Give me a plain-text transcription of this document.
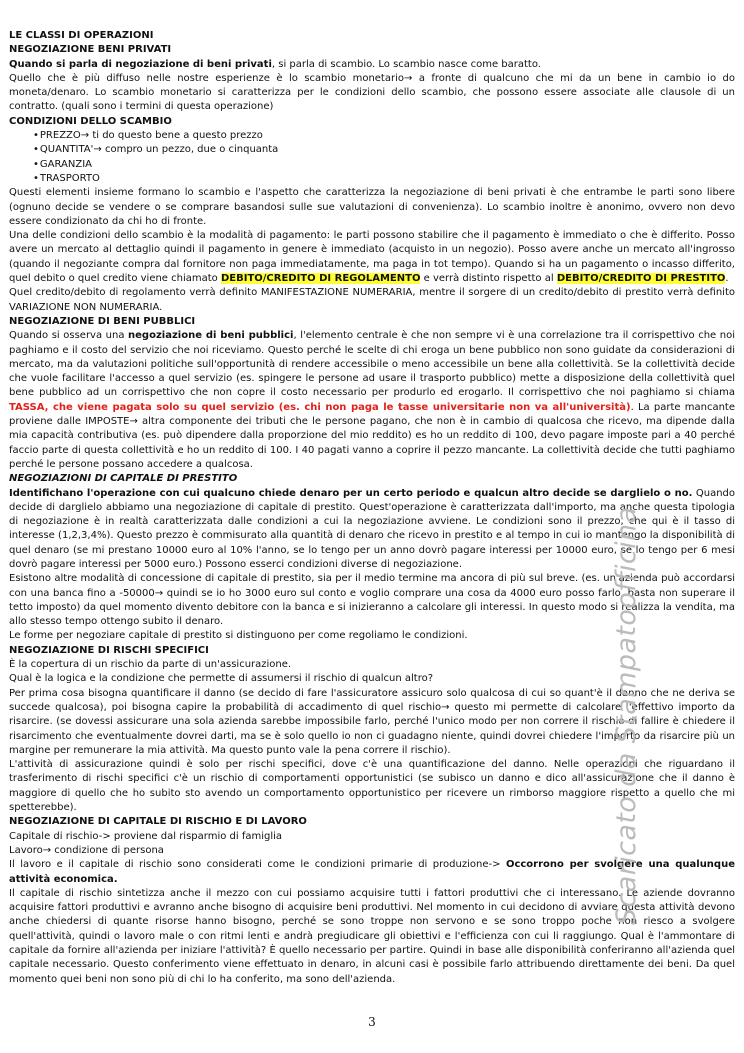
LE CLASSI DI OPERAZIONI

NEGOZIAZIONE BENI PRIVATI

Quando si parla di negoziazione di beni privati, si parla di scambio. Lo scambio nasce come baratto.

Quello che è più diffuso nelle nostre esperienze è lo scambio monetario→ a fronte di qualcuno che mi da un bene in cambio io do moneta/denaro. Lo scambio monetario si caratterizza per le condizioni dello scambio, che possono essere associate alle clausole di un contratto. (quali sono i termini di questa operazione)

CONDIZIONI DELLO SCAMBIO

• PREZZO→ ti do questo bene a questo prezzo
• QUANTITA'→ compro un pezzo, due o cinquanta
• GARANZIA
• TRASPORTO

Questi elementi insieme formano lo scambio e l'aspetto che caratterizza la negoziazione di beni privati è che entrambe le parti sono libere (ognuno decide se vendere o se comprare basandosi sulle sue valutazioni di convenienza). Lo scambio inoltre è anonimo, ovvero non devo essere condizionato da chi ho di fronte.

Una delle condizioni dello scambio è la modalità di pagamento: le parti possono stabilire che il pagamento è immediato o che è differito. Posso avere un mercato al dettaglio quindi il pagamento in genere è immediato (acquisto in un negozio). Posso avere anche un mercato all'ingrosso (quando il negoziante compra dal fornitore non paga immediatamente, ma paga in tot tempo). Quando si ha un pagamento o incasso differito, quel debito o quel credito viene chiamato DEBITO/CREDITO DI REGOLAMENTO e verrà distinto rispetto al DEBITO/CREDITO DI PRESTITO.

Quel credito/debito di regolamento verrà definito MANIFESTAZIONE NUMERARIA, mentre il sorgere di un credito/debito di prestito verrà definito VARIAZIONE NON NUMERARIA.

NEGOZIAZIONE DI BENI PUBBLICI

Quando si osserva una negoziazione di beni pubblici, l'elemento centrale è che non sempre vi è una correlazione tra il corrispettivo che noi paghiamo e il costo del servizio che noi riceviamo. Questo perché le scelte di chi eroga un bene pubblico non sono guidate da considerazioni di mercato, ma da valutazioni politiche sull'opportunità di rendere accessibile o meno accessibile un bene alla collettività. Se la collettività decide che vuole facilitare l'accesso a quel servizio (es. spingere le persone ad usare il trasporto pubblico) mette a disposizione della collettività quel bene pubblico ad un corrispettivo che non copre il costo necessario per produrlo ed erogarlo. Il corrispettivo che noi paghiamo si chiama TASSA, che viene pagata solo su quel servizio (es. chi non paga le tasse universitarie non va all'università). La parte mancante proviene dalle IMPOSTE→ altra componente dei tributi che le persone pagano, che non è in cambio di qualcosa che ricevo, ma dipende dalla mia capacità contributiva (es. può dipendere dalla proporzione del mio reddito) es ho un reddito di 100, devo pagare imposte pari a 40 perché faccio parte di questa collettività e ho un reddito di 100. I 40 pagati vanno a coprire il pezzo mancante. La collettività decide che tutti paghiamo perché le persone possano accedere a qualcosa.

NEGOZIAZIONI DI CAPITALE DI PRESTITO

Identifichano l'operazione con cui qualcuno chiede denaro per un certo periodo e qualcun altro decide se darglielo o no. Quando decide di darglielo abbiamo una negoziazione di capitale di prestito. Quest'operazione è caratterizzata dall'importo, ma anche questa tipologia di negoziazione è in realtà caratterizzata dalle condizioni a cui la negoziazione avviene. Le condizioni sono il prezzo, che qui è il tasso di interesse (1,2,3,4%). Questo prezzo è commisurato alla quantità di denaro che ricevo in prestito e al tempo in cui io mantengo la disponibilità di quel denaro (se mi prestano 10000 euro al 10% l'anno, se lo tengo per un anno dovrò pagare interessi per 10000 euro, se lo tengo per 6 mesi dovrò pagare interessi per 5000 euro.) Possono esserci condizioni diverse di negoziazione.

Esistono altre modalità di concessione di capitale di prestito, sia per il medio termine ma ancora di più sul breve. (es. un'azienda può accordarsi con una banca fino a -50000→ quindi se io ho 3000 euro sul conto e voglio comprare una cosa da 4000 euro posso farlo, basta non superare il tetto imposto) da quel momento divento debitore con la banca e si inizieranno a calcolare gli interessi. In questo modo si realizza la vendita, ma allo stesso tempo ottengo subito il denaro.

Le forme per negoziare capitale di prestito si distinguono per come regoliamo le condizioni.

NEGOZIAZIONE DI RISCHI SPECIFICI

È la copertura di un rischio da parte di un'assicurazione.

Qual è la logica e la condizione che permette di assumersi il rischio di qualcun altro?

Per prima cosa bisogna quantificare il danno (se decido di fare l'assicuratore assicuro solo qualcosa di cui so quant'è il danno che ne deriva se succede qualcosa), poi bisogna capire la probabilità di accadimento di quel rischio→ questo mi permette di calcolare l'effettivo importo da risarcire. (se dovessi assicurare una sola azienda sarebbe impossibile farlo, perché l'unico modo per non correre il rischio di fallire è chiedere il risarcimento che eventualmente dovrei darti, ma se è solo quello io non ci guadagno niente, quindi dovrei chiedere l'importo da risarcire più un margine per remunerare la mia attività. Ma questo punto vale la pena correre il rischio).

L'attività di assicurazione quindi è solo per rischi specifici, dove c'è una quantificazione del danno. Nelle operazioni che riguardano il trasferimento di rischi specifici c'è un rischio di comportamenti opportunistici (se subisco un danno e dico all'assicurazione che il danno è maggiore di quello che ho subito sto avendo un comportamento opportunistico per ricevere un rimborso maggiore rispetto a quello che mi spetterebbe).

NEGOZIAZIONE DI CAPITALE DI RISCHIO E DI LAVORO

Capitale di rischio-> proviene dal risparmio di famiglia

Lavoro→ condizione di persona

Il lavoro e il capitale di rischio sono considerati come le condizioni primarie di produzione-> Occorrono per svolgere una qualunque attività economica.

Il capitale di rischio sintetizza anche il mezzo con cui possiamo acquisire tutti i fattori produttivi che ci interessano. Le aziende dovranno acquisire fattori produttivi e avranno anche bisogno di acquisire beni produttivi. Nel momento in cui decidono di avviare questa attività devono anche chiedersi di quante risorse hanno bisogno, perché se sono troppe non servono e se sono troppo poche non riesco a svolgere quell'attività, quindi o lavoro male o con ritmi lenti e andrà pregiudicare gli obiettivi e l'efficienza con cui li raggiungo. Qual è l'ammontare di capitale da fornire all'azienda per iniziare l'attività? È quello necessario per partire. Quindi in base alle disponibilità conferiranno all'azienda quel capitale necessario. Questo conferimento viene effettuato in denaro, in alcuni casi è possibile farlo attribuendo direttamente dei beni. Da quel momento quei beni non sono più di chi lo ha conferito, ma sono dell'azienda.

Scaricato da Stampatoofficina
3
